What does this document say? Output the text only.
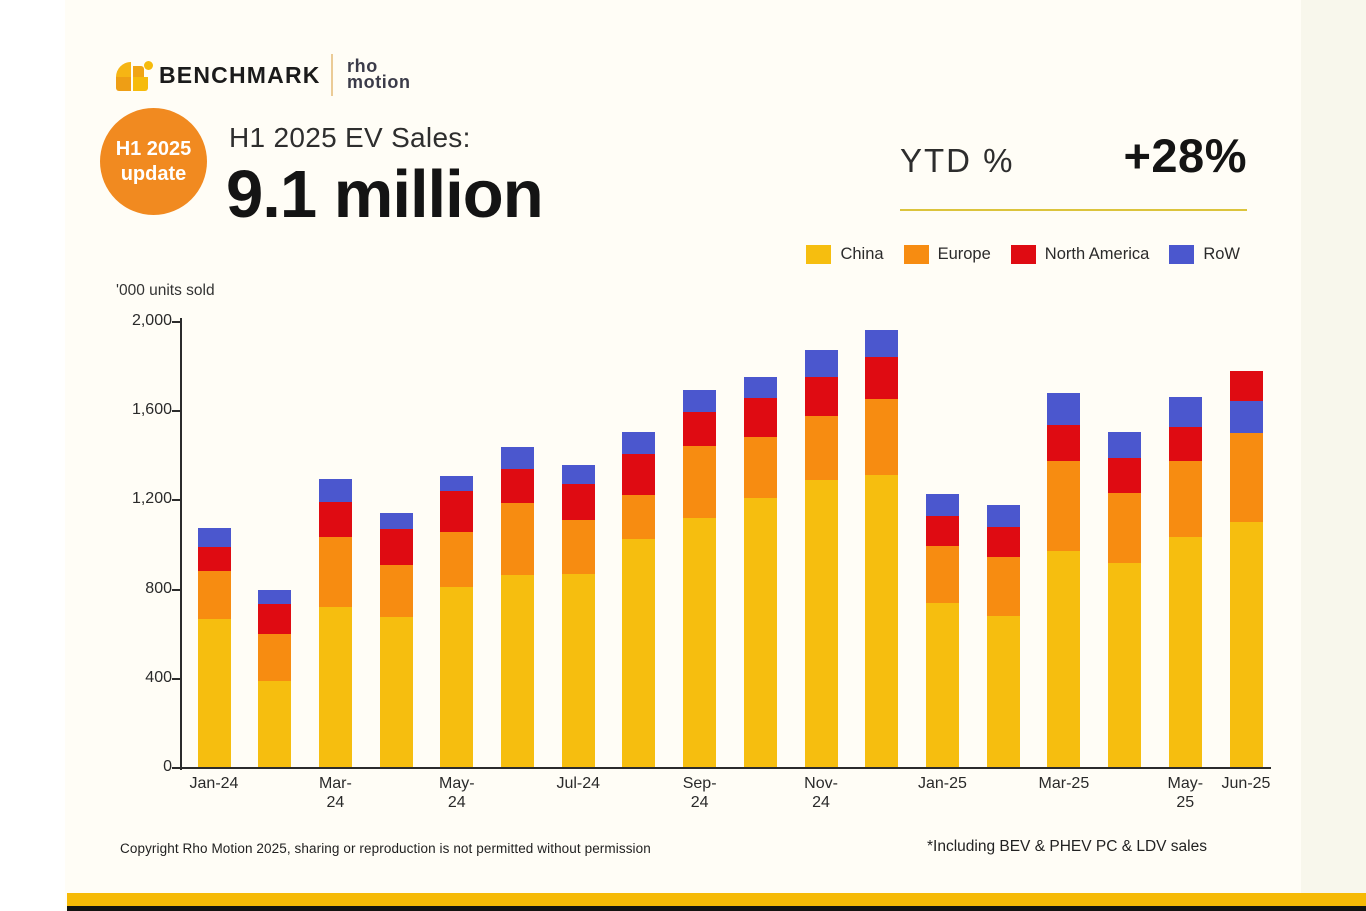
BENCHMARK rho
motion
H1 2025
update
H1 2025 EV Sales:
9.1 million	YTD % +28%
China	Europe	North America	RoW
'000 units sold
0
400
800
1,200
1,600
2,000
Jan-24	Mar-
24
May-
24
Jul-24	Sep-
24
Nov-
24
Jan-25	Mar-25	May-
25
Jun-25
Copyright Rho Motion 2025, sharing or reproduction is not permitted without permission	*Including BEV & PHEV PC & LDV sales
